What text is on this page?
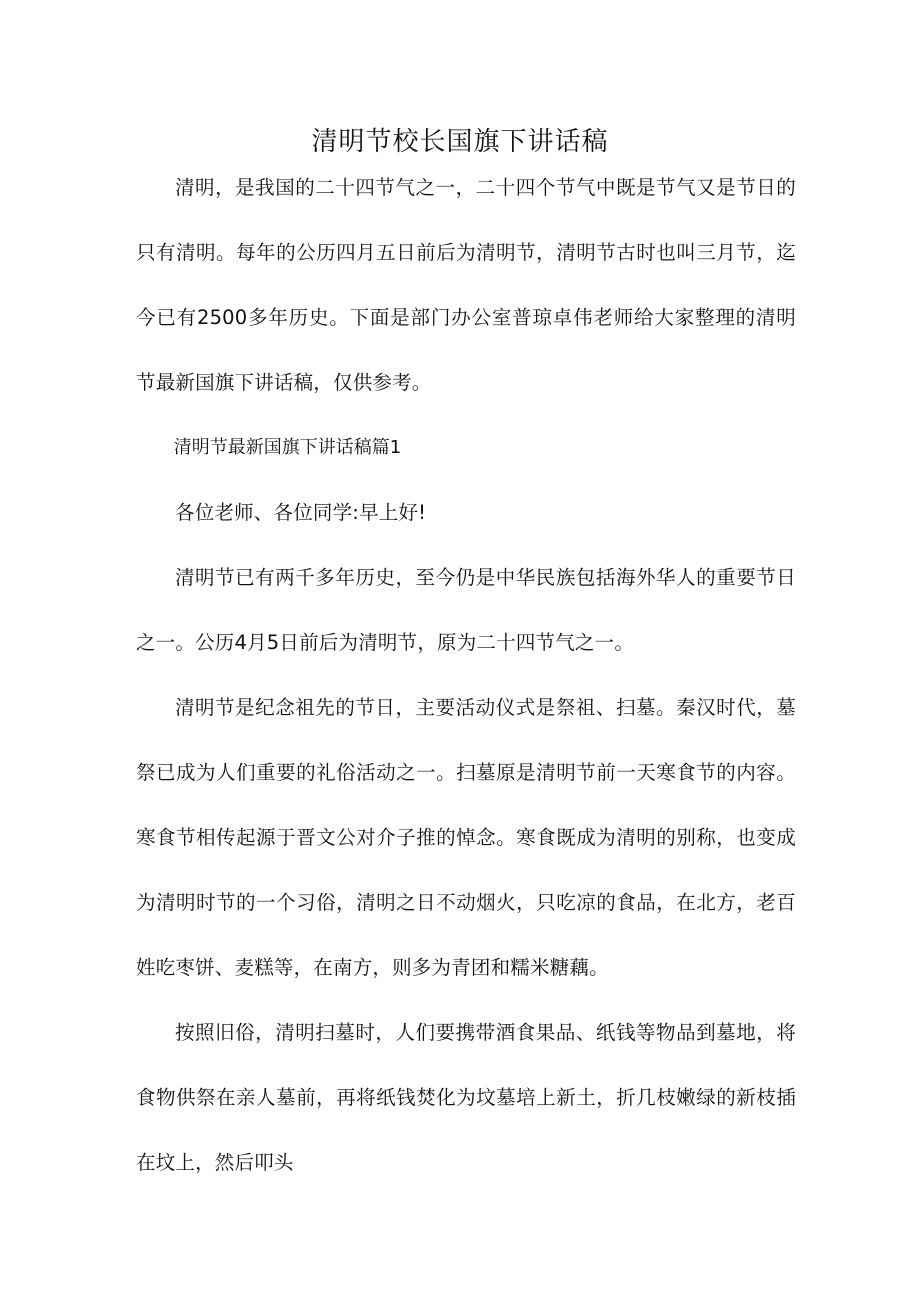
清明节校长国旗下讲话稿

清明，是我国的二十四节气之一，二十四个节气中既是节气又是节日的只有清明。每年的公历四月五日前后为清明节，清明节古时也叫三月节，迄今已有2500多年历史。下面是部门办公室普琼卓伟老师给大家整理的清明节最新国旗下讲话稿，仅供参考。

清明节最新国旗下讲话稿篇1

各位老师、各位同学:早上好!

清明节已有两千多年历史，至今仍是中华民族包括海外华人的重要节日之一。公历4月5日前后为清明节，原为二十四节气之一。

清明节是纪念祖先的节日，主要活动仪式是祭祖、扫墓。秦汉时代，墓祭已成为人们重要的礼俗活动之一。扫墓原是清明节前一天寒食节的内容。寒食节相传起源于晋文公对介子推的悼念。寒食既成为清明的别称，也变成为清明时节的一个习俗，清明之日不动烟火，只吃凉的食品，在北方，老百姓吃枣饼、麦糕等，在南方，则多为青团和糯米糖藕。

按照旧俗，清明扫墓时，人们要携带酒食果品、纸钱等物品到墓地，将食物供祭在亲人墓前，再将纸钱焚化为坟墓培上新土，折几枝嫩绿的新枝插在坟上，然后叩头
